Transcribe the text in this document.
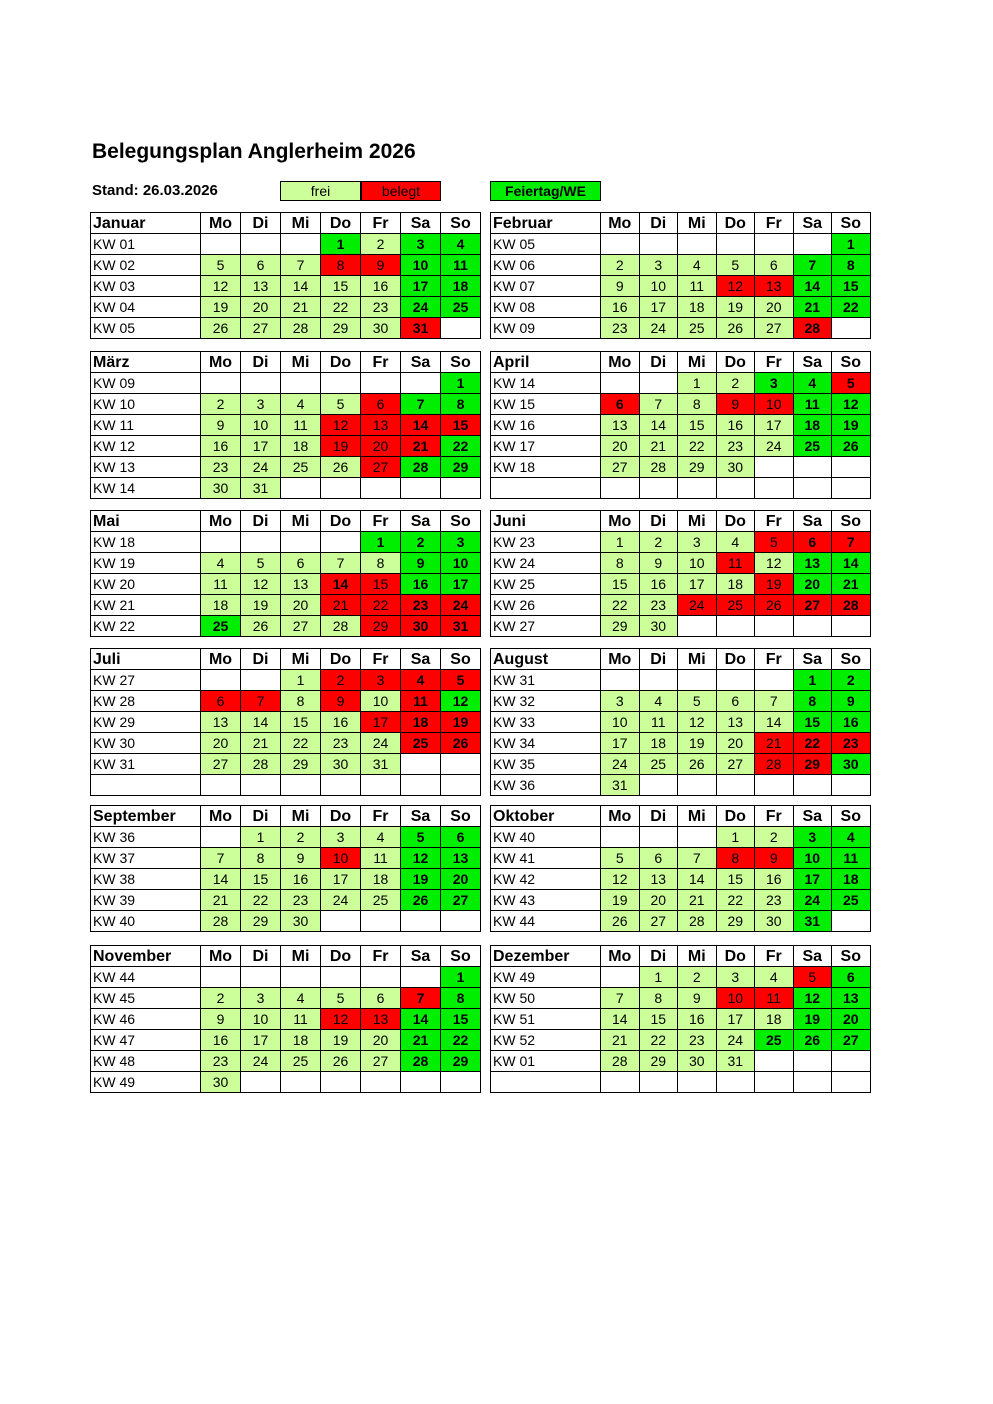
Belegungsplan Anglerheim 2026
Stand: 26.03.2026	frei	belegt	Feiertag/WE
Januar	Mo	Di	Mi	Do	Fr	Sa	So
KW 01				1	2	3	4
KW 02	5	6	7	8	9	10	11
KW 03	12	13	14	15	16	17	18
KW 04	19	20	21	22	23	24	25
KW 05	26	27	28	29	30	31	
Februar	Mo	Di	Mi	Do	Fr	Sa	So
KW 05							1
KW 06	2	3	4	5	6	7	8
KW 07	9	10	11	12	13	14	15
KW 08	16	17	18	19	20	21	22
KW 09	23	24	25	26	27	28	
März	Mo	Di	Mi	Do	Fr	Sa	So
KW 09							1
KW 10	2	3	4	5	6	7	8
KW 11	9	10	11	12	13	14	15
KW 12	16	17	18	19	20	21	22
KW 13	23	24	25	26	27	28	29
KW 14	30	31					
April	Mo	Di	Mi	Do	Fr	Sa	So
KW 14			1	2	3	4	5
KW 15	6	7	8	9	10	11	12
KW 16	13	14	15	16	17	18	19
KW 17	20	21	22	23	24	25	26
KW 18	27	28	29	30			

Mai	Mo	Di	Mi	Do	Fr	Sa	So
KW 18					1	2	3
KW 19	4	5	6	7	8	9	10
KW 20	11	12	13	14	15	16	17
KW 21	18	19	20	21	22	23	24
KW 22	25	26	27	28	29	30	31
Juni	Mo	Di	Mi	Do	Fr	Sa	So
KW 23	1	2	3	4	5	6	7
KW 24	8	9	10	11	12	13	14
KW 25	15	16	17	18	19	20	21
KW 26	22	23	24	25	26	27	28
KW 27	29	30					
Juli	Mo	Di	Mi	Do	Fr	Sa	So
KW 27			1	2	3	4	5
KW 28	6	7	8	9	10	11	12
KW 29	13	14	15	16	17	18	19
KW 30	20	21	22	23	24	25	26
KW 31	27	28	29	30	31		

August	Mo	Di	Mi	Do	Fr	Sa	So
KW 31						1	2
KW 32	3	4	5	6	7	8	9
KW 33	10	11	12	13	14	15	16
KW 34	17	18	19	20	21	22	23
KW 35	24	25	26	27	28	29	30
KW 36	31						
September	Mo	Di	Mi	Do	Fr	Sa	So
KW 36		1	2	3	4	5	6
KW 37	7	8	9	10	11	12	13
KW 38	14	15	16	17	18	19	20
KW 39	21	22	23	24	25	26	27
KW 40	28	29	30				
Oktober	Mo	Di	Mi	Do	Fr	Sa	So
KW 40				1	2	3	4
KW 41	5	6	7	8	9	10	11
KW 42	12	13	14	15	16	17	18
KW 43	19	20	21	22	23	24	25
KW 44	26	27	28	29	30	31	
November	Mo	Di	Mi	Do	Fr	Sa	So
KW 44							1
KW 45	2	3	4	5	6	7	8
KW 46	9	10	11	12	13	14	15
KW 47	16	17	18	19	20	21	22
KW 48	23	24	25	26	27	28	29
KW 49	30						
Dezember	Mo	Di	Mi	Do	Fr	Sa	So
KW 49		1	2	3	4	5	6
KW 50	7	8	9	10	11	12	13
KW 51	14	15	16	17	18	19	20
KW 52	21	22	23	24	25	26	27
KW 01	28	29	30	31			
